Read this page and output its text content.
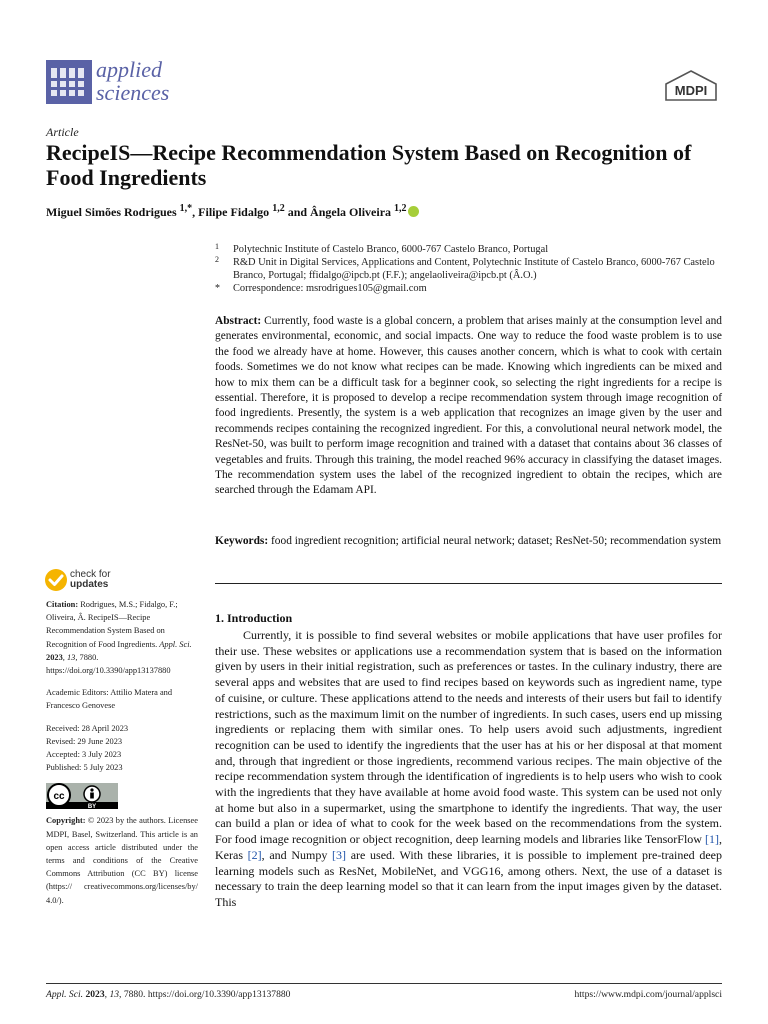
applied
sciences	MDPI
Article
RecipeIS—Recipe Recommendation System Based on Recognition of Food Ingredients
Miguel Simões Rodrigues $^{1,*}$, Filipe Fidalgo $^{1,2}$ and Ângela Oliveira $^{1,2}$
1 Polytechnic Institute of Castelo Branco, 6000-767 Castelo Branco, Portugal
2 R&D Unit in Digital Services, Applications and Content, Polytechnic Institute of Castelo Branco, 6000-767 Castelo Branco, Portugal; ffidalgo@ipcb.pt (F.F.); angelaoliveira@ipcb.pt (Â.O.)
* Correspondence: msrodrigues105@gmail.com
Abstract: Currently, food waste is a global concern, a problem that arises mainly at the consumption level and generates environmental, economic, and social impacts. One way to reduce the food waste problem is to use the food we already have at home. However, this causes another concern, which is what to cook with certain foods. Sometimes we do not know what recipes can be made. Knowing which ingredients can be mixed and how to mix them can be a difficult task for a beginner cook, so selecting the right ingredients for a recipe is essential. Therefore, it is proposed to develop a recipe recommendation system through image recognition of food ingredients. Presently, the system is a web application that recognizes an image given by the user and recommends recipes containing the recognized ingredient. For this, a convolutional neural network model, the ResNet-50, was built to perform image recognition and trained with a dataset that contains about 36 classes of vegetables and fruits. Through this training, the model reached 96% accuracy in classifying the dataset images. The recommendation system uses the label of the recognized ingredient to obtain the recipes, which are searched through the Edamam API.
Keywords: food ingredient recognition; artificial neural network; dataset; ResNet-50; recommendation system
check for
updates
Citation: Rodrigues, M.S.; Fidalgo, F.; Oliveira, Â. RecipeIS—Recipe Recommendation System Based on Recognition of Food Ingredients. Appl. Sci. 2023, 13, 7880. https://doi.org/10.3390/app13137880
Academic Editors: Attilio Matera and Francesco Genovese
Received: 28 April 2023
Revised: 29 June 2023
Accepted: 3 July 2023
Published: 5 July 2023
cc
BY
Copyright: © 2023 by the authors. Licensee MDPI, Basel, Switzerland. This article is an open access article distributed under the terms and conditions of the Creative Commons Attribution (CC BY) license (https:// creativecommons.org/licenses/by/ 4.0/).
1. Introduction
Currently, it is possible to find several websites or mobile applications that have user profiles for their use. These websites or applications use a recommendation system that is based on the information given by users in their initial registration, such as preferences or tastes. In the culinary industry, there are several apps and websites that are used to find recipes based on keywords such as ingredient name, type of cuisine, or culture. These applications attend to the needs and interests of their users but fail to identify restrictions, such as the maximum limit on the number of ingredients. In such cases, users end up missing ingredients or replacing them with similar ones. To help users avoid such adjustments, ingredient recognition can be used to identify the ingredients that the user has at his or her disposal at that moment and, through that ingredient or those ingredients, recommend various recipes. The main objective of the recipe recommendation system through the identification of ingredients is to help users who wish to cook with the ingredients that they have available at home avoid food waste. This system can be used not only at home but also in a supermarket, using the smartphone to identify the ingredients. That way, the user can build a plan or idea of what to cook for the week based on the recommendations from the system. For food image recognition or object recognition, deep learning models and libraries like TensorFlow [1], Keras [2], and Numpy [3] are used. With these libraries, it is possible to implement pre-trained deep learning models such as ResNet, MobileNet, and VGG16, among others. Next, the use of a dataset is necessary to train the deep learning model so that it can learn from the input images given by the dataset. This
Appl. Sci. 2023, 13, 7880. https://doi.org/10.3390/app13137880	https://www.mdpi.com/journal/applsci
